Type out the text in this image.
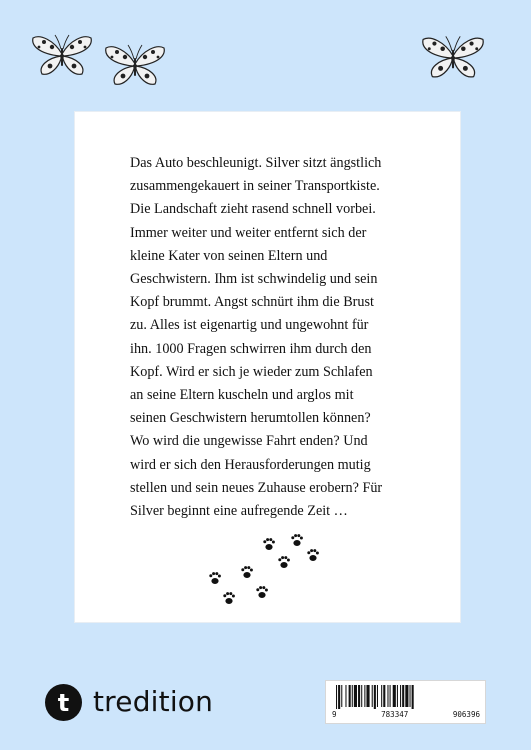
Das Auto beschleunigt. Silver sitzt ängstlich
zusammengekauert in seiner Transportkiste.
Die Landschaft zieht rasend schnell vorbei.
Immer weiter und weiter entfernt sich der
kleine Kater von seinen Eltern und
Geschwistern. Ihm ist schwindelig und sein
Kopf brummt. Angst schnürt ihm die Brust
zu. Alles ist eigenartig und ungewohnt für
ihn. 1000 Fragen schwirren ihm durch den
Kopf. Wird er sich je wieder zum Schlafen
an seine Eltern kuscheln und arglos mit
seinen Geschwistern herumtollen können?
Wo wird die ungewisse Fahrt enden? Und
wird er sich den Herausforderungen mutig
stellen und sein neues Zuhause erobern? Für
Silver beginnt eine aufregende Zeit …

t tredition	9	783347	906396
